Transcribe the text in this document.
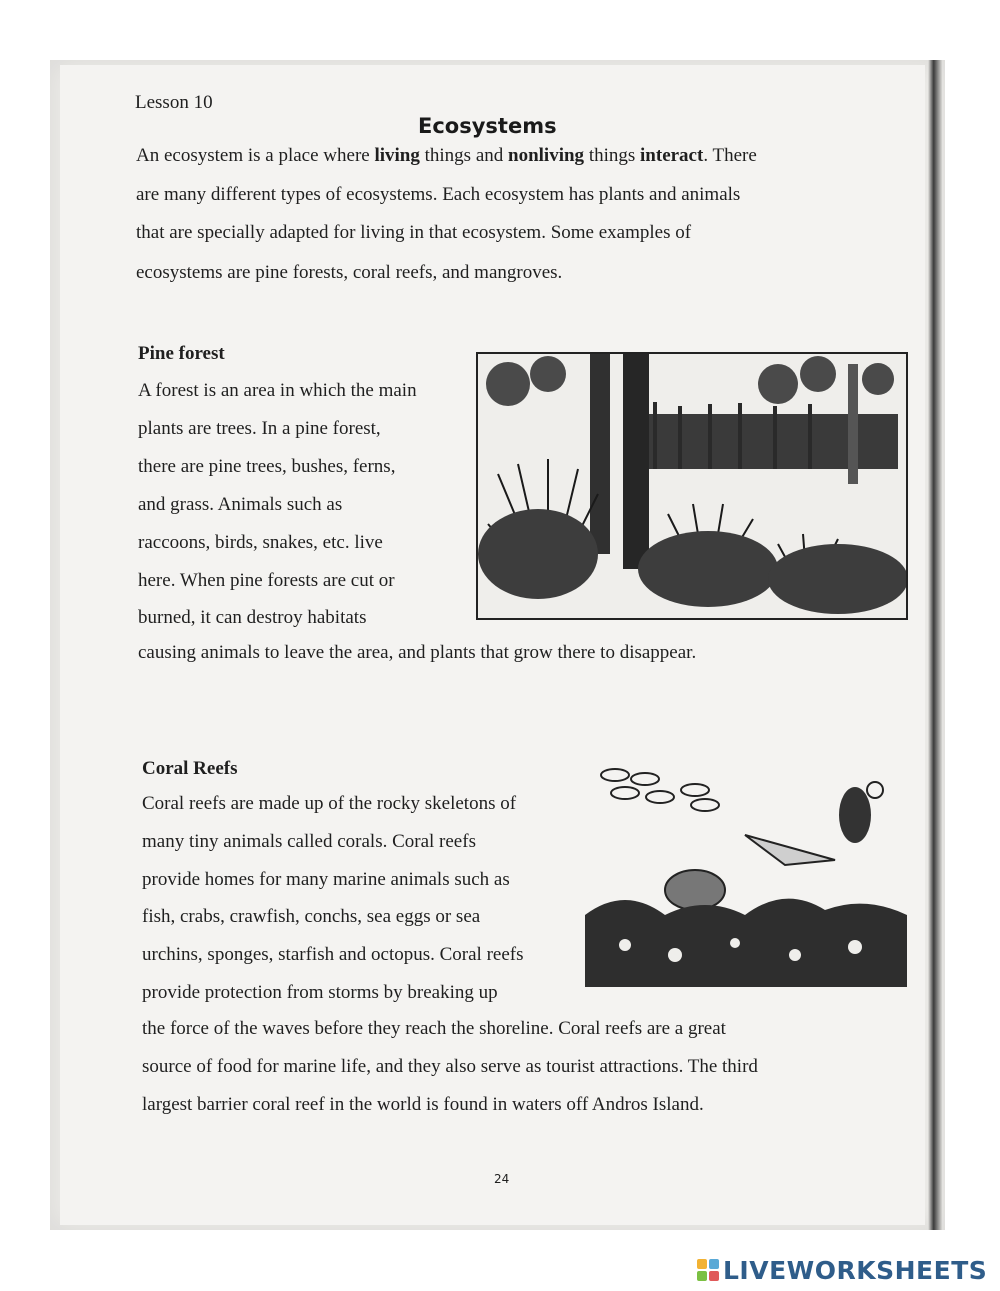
Lesson 10
Ecosystems
An ecosystem is a place where living things and nonliving things interact. There
are many different types of ecosystems. Each ecosystem has plants and animals
that are specially adapted for living in that ecosystem. Some examples of
ecosystems are pine forests, coral reefs, and mangroves.
Pine forest
A forest is an area in which the main
plants are trees. In a pine forest,
there are pine trees, bushes, ferns,
and grass. Animals such as
raccoons, birds, snakes, etc. live
here. When pine forests are cut or
burned, it can destroy habitats
causing animals to leave the area, and plants that grow there to disappear.
Coral Reefs
Coral reefs are made up of the rocky skeletons of
many tiny animals called corals. Coral reefs
provide homes for many marine animals such as
fish, crabs, crawfish, conchs, sea eggs or sea
urchins, sponges, starfish and octopus. Coral reefs
provide protection from storms by breaking up
the force of the waves before they reach the shoreline. Coral reefs are a great
source of food for marine life, and they also serve as tourist attractions. The third
largest barrier coral reef in the world is found in waters off Andros Island.
24
LIVEWORKSHEETS
